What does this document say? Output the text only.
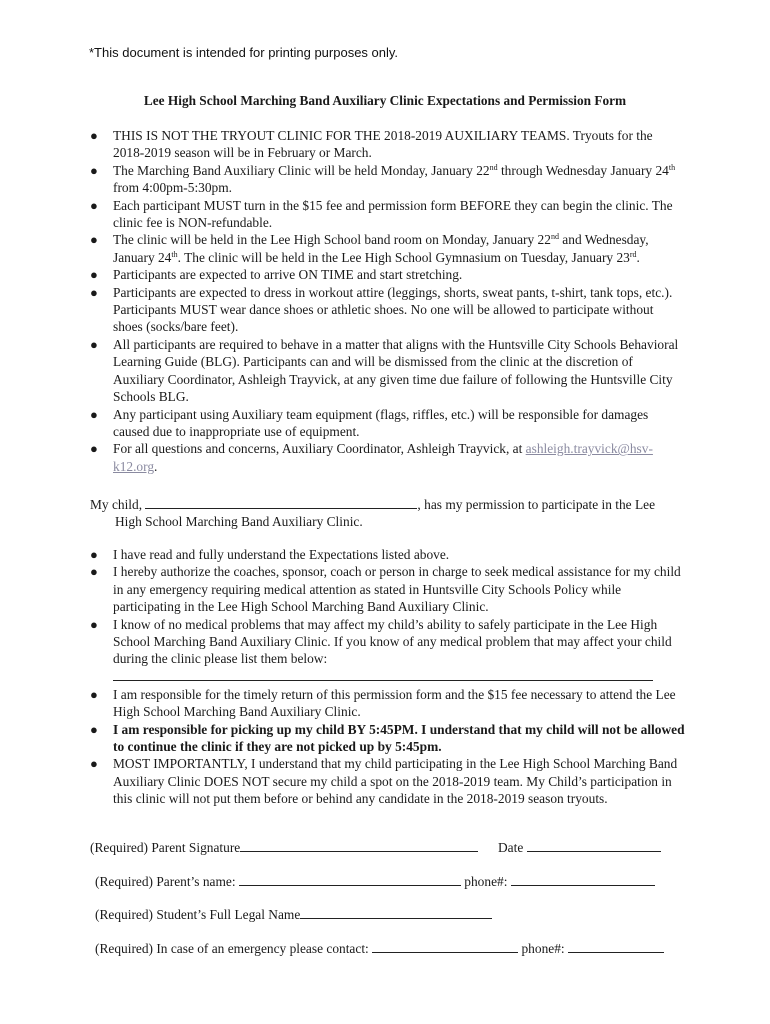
*This document is intended for printing purposes only.
Lee High School Marching Band Auxiliary Clinic Expectations and Permission Form
● THIS IS NOT THE TRYOUT CLINIC FOR THE 2018-2019 AUXILIARY TEAMS. Tryouts for the 2018-2019 season will be in February or March.
● The Marching Band Auxiliary Clinic will be held Monday, January 22nd through Wednesday January 24th from 4:00pm-5:30pm.
● Each participant MUST turn in the $15 fee and permission form BEFORE they can begin the clinic. The clinic fee is NON-refundable.
● The clinic will be held in the Lee High School band room on Monday, January 22nd and Wednesday, January 24th. The clinic will be held in the Lee High School Gymnasium on Tuesday, January 23rd.
● Participants are expected to arrive ON TIME and start stretching.
● Participants are expected to dress in workout attire (leggings, shorts, sweat pants, t-shirt, tank tops, etc.). Participants MUST wear dance shoes or athletic shoes. No one will be allowed to participate without shoes (socks/bare feet).
● All participants are required to behave in a matter that aligns with the Huntsville City Schools Behavioral Learning Guide (BLG). Participants can and will be dismissed from the clinic at the discretion of Auxiliary Coordinator, Ashleigh Trayvick, at any given time due failure of following the Huntsville City Schools BLG.
● Any participant using Auxiliary team equipment (flags, riffles, etc.) will be responsible for damages caused due to inappropriate use of equipment.
● For all questions and concerns, Auxiliary Coordinator, Ashleigh Trayvick, at ashleigh.trayvick@hsv-k12.org.
My child,	, has my permission to participate in the Lee
High School Marching Band Auxiliary Clinic.
● I have read and fully understand the Expectations listed above.
● I hereby authorize the coaches, sponsor, coach or person in charge to seek medical assistance for my child in any emergency requiring medical attention as stated in Huntsville City Schools Policy while participating in the Lee High School Marching Band Auxiliary Clinic.
● I know of no medical problems that may affect my child’s ability to safely participate in the Lee High School Marching Band Auxiliary Clinic. If you know of any medical problem that may affect your child during the clinic please list them below:
● I am responsible for the timely return of this permission form and the $15 fee necessary to attend the Lee High School Marching Band Auxiliary Clinic.
● I am responsible for picking up my child BY 5:45PM. I understand that my child will not be allowed to continue the clinic if they are not picked up by 5:45pm.
● MOST IMPORTANTLY, I understand that my child participating in the Lee High School Marching Band Auxiliary Clinic DOES NOT secure my child a spot on the 2018-2019 team. My Child’s participation in this clinic will not put them before or behind any candidate in the 2018-2019 season tryouts.
(Required) Parent Signature	Date
(Required) Parent’s name:	phone#:
(Required) Student’s Full Legal Name
(Required) In case of an emergency please contact:	phone#:
